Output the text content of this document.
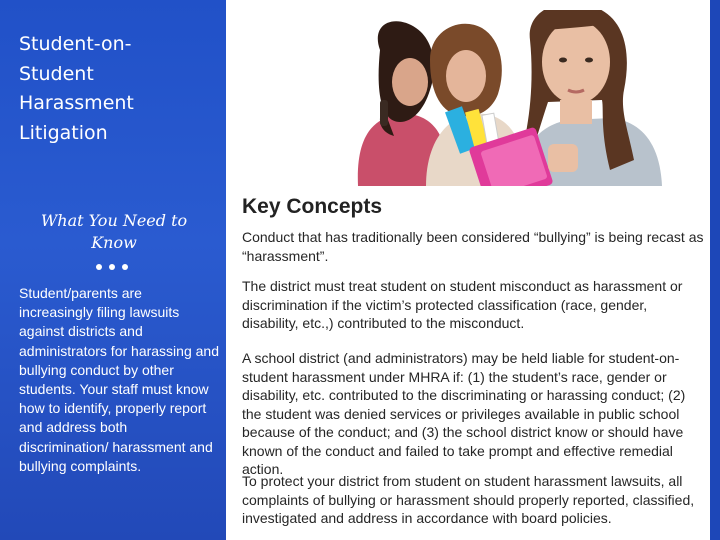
Student-on-
Student
Harassment
Litigation
What You Need to
Know
Student/parents are increasingly filing lawsuits against districts and administrators for harassing and bullying conduct by other students. Your staff must know how to identify, properly report and address both discrimination/ harassment and bullying complaints.
Key Concepts

Conduct that has traditionally been considered “bullying” is being recast as “harassment”.

The district must treat student on student misconduct as harassment or discrimination if the victim’s protected classification (race, gender, disability, etc.,) contributed to the misconduct.

A school district (and administrators) may be held liable for student-on-student harassment under MHRA if: (1) the student’s race, gender or disability, etc. contributed to the discriminating or harassing conduct; (2) the student was denied services or privileges available in public school because of the conduct; and (3) the school district know or should have known of the conduct and failed to take prompt and effective remedial action.

To protect your district from student on student harassment lawsuits, all complaints of bullying or harassment should properly reported, classified, investigated and address in accordance with board policies.
